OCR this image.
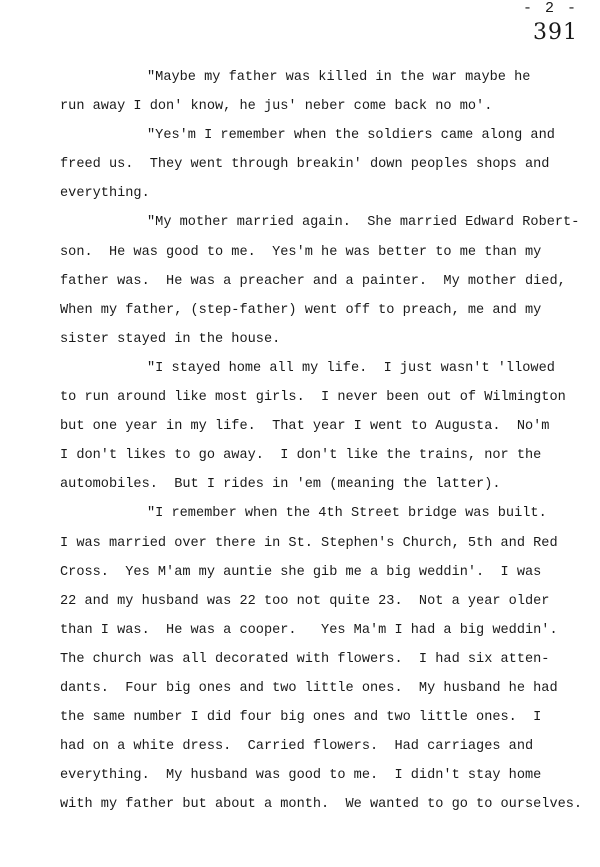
- 2 -
391
"Maybe my father was killed in the war maybe he
run away I don' know, he jus' neber come back no mo'.
"Yes'm I remember when the soldiers came along and
freed us.  They went through breakin' down peoples shops and
everything.
"My mother married again.  She married Edward Robert-
son.  He was good to me.  Yes'm he was better to me than my
father was.  He was a preacher and a painter.  My mother died,
When my father, (step-father) went off to preach, me and my
sister stayed in the house.
"I stayed home all my life.  I just wasn't 'llowed
to run around like most girls.  I never been out of Wilmington
but one year in my life.  That year I went to Augusta.  No'm
I don't likes to go away.  I don't like the trains, nor the
automobiles.  But I rides in 'em (meaning the latter).
"I remember when the 4th Street bridge was built.
I was married over there in St. Stephen's Church, 5th and Red
Cross.  Yes M'am my auntie she gib me a big weddin'.  I was
22 and my husband was 22 too not quite 23.  Not a year older
than I was.  He was a cooper.   Yes Ma'm I had a big weddin'.
The church was all decorated with flowers.  I had six atten-
dants.  Four big ones and two little ones.  My husband he had
the same number I did four big ones and two little ones.  I
had on a white dress.  Carried flowers.  Had carriages and
everything.  My husband was good to me.  I didn't stay home
with my father but about a month.  We wanted to go to ourselves.
